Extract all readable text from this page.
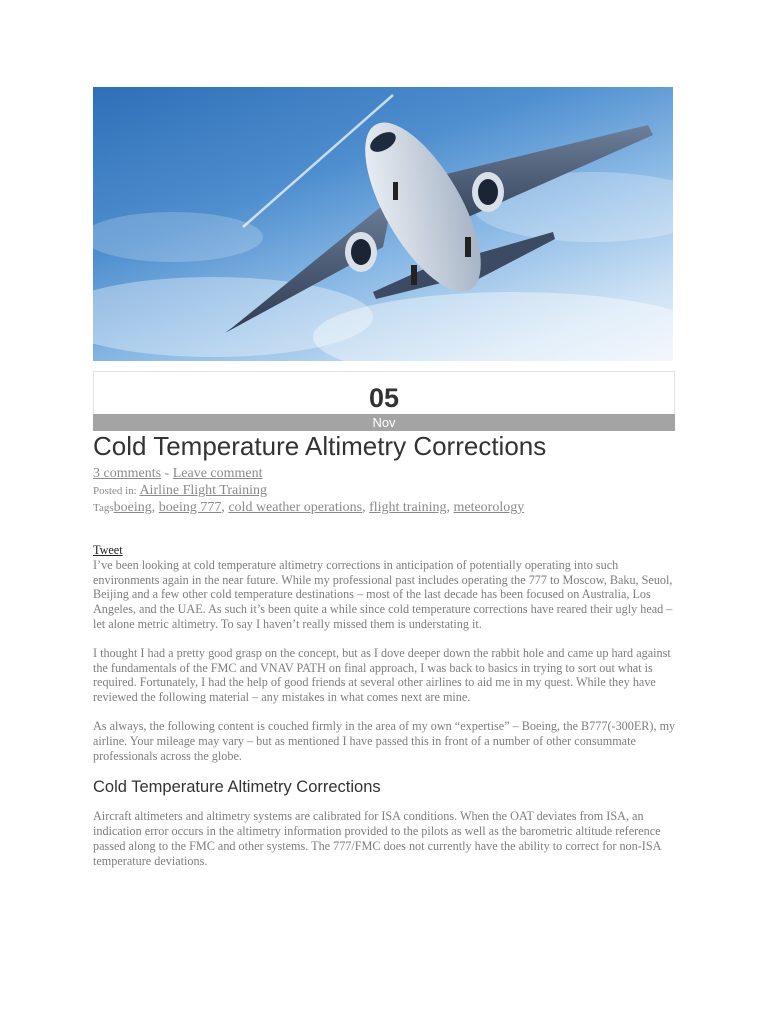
05
Nov
Cold Temperature Altimetry Corrections
3 comments - Leave comment
Posted in: Airline Flight Training
Tagsboeing, boeing 777, cold weather operations, flight training, meteorology
Tweet

I’ve been looking at cold temperature altimetry corrections in anticipation of potentially operating into such environments again in the near future. While my professional past includes operating the 777 to Moscow, Baku, Seuol, Beijing and a few other cold temperature destinations – most of the last decade has been focused on Australia, Los Angeles, and the UAE. As such it’s been quite a while since cold temperature corrections have reared their ugly head – let alone metric altimetry. To say I haven’t really missed them is understating it.

I thought I had a pretty good grasp on the concept, but as I dove deeper down the rabbit hole and came up hard against the fundamentals of the FMC and VNAV PATH on final approach, I was back to basics in trying to sort out what is required. Fortunately, I had the help of good friends at several other airlines to aid me in my quest. While they have reviewed the following material – any mistakes in what comes next are mine.

As always, the following content is couched firmly in the area of my own “expertise” – Boeing, the B777(-300ER), my airline. Your mileage may vary – but as mentioned I have passed this in front of a number of other consummate professionals across the globe.

Cold Temperature Altimetry Corrections

Aircraft altimeters and altimetry systems are calibrated for ISA conditions. When the OAT deviates from ISA, an indication error occurs in the altimetry information provided to the pilots as well as the barometric altitude reference passed along to the FMC and other systems. The 777/FMC does not currently have the ability to correct for non-ISA temperature deviations.
